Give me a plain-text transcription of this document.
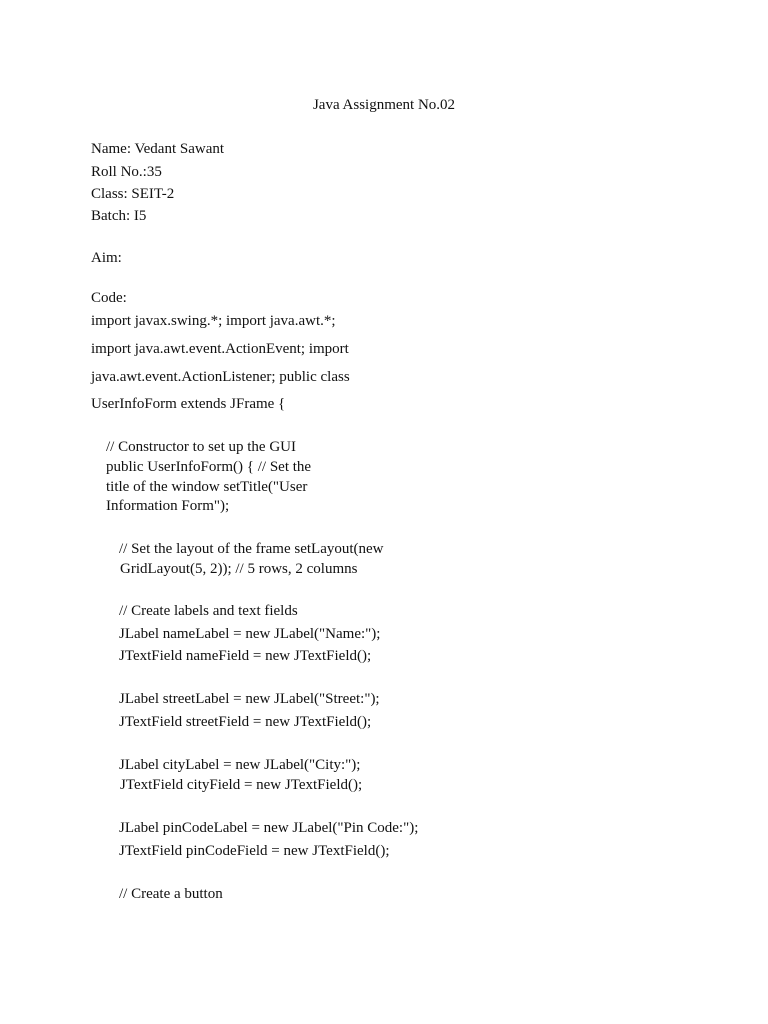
Java Assignment No.02
Name: Vedant Sawant
Roll No.:35
Class: SEIT-2
Batch: I5
Aim:
Code:
import javax.swing.*; import java.awt.*;
import java.awt.event.ActionEvent; import
java.awt.event.ActionListener; public class
UserInfoForm extends JFrame {
// Constructor to set up the GUI
public UserInfoForm() { // Set the
title of the window setTitle("User
Information Form");
// Set the layout of the frame setLayout(new
GridLayout(5, 2)); // 5 rows, 2 columns
// Create labels and text fields
JLabel nameLabel = new JLabel("Name:");
JTextField nameField = new JTextField();
JLabel streetLabel = new JLabel("Street:");
JTextField streetField = new JTextField();
JLabel cityLabel = new JLabel("City:");
JTextField cityField = new JTextField();
JLabel pinCodeLabel = new JLabel("Pin Code:");
JTextField pinCodeField = new JTextField();
// Create a button
